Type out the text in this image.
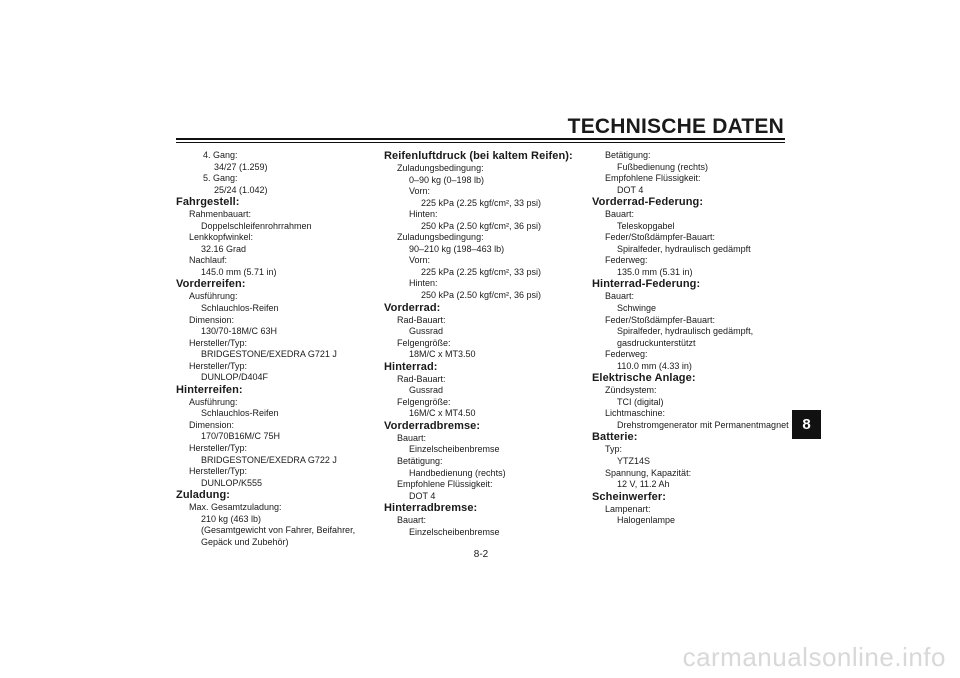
TECHNISCHE DATEN
4. Gang:
34/27 (1.259)
5. Gang:
25/24 (1.042)
Fahrgestell:
Rahmenbauart:
Doppelschleifenrohrrahmen
Lenkkopfwinkel:
32.16 Grad
Nachlauf:
145.0 mm (5.71 in)
Vorderreifen:
Ausführung:
Schlauchlos-Reifen
Dimension:
130/70-18M/C 63H
Hersteller/Typ:
BRIDGESTONE/EXEDRA G721 J
Hersteller/Typ:
DUNLOP/D404F
Hinterreifen:
Ausführung:
Schlauchlos-Reifen
Dimension:
170/70B16M/C 75H
Hersteller/Typ:
BRIDGESTONE/EXEDRA G722 J
Hersteller/Typ:
DUNLOP/K555
Zuladung:
Max. Gesamtzuladung:
210 kg (463 lb)
(Gesamtgewicht von Fahrer, Beifahrer,
Gepäck und Zubehör)
Reifenluftdruck (bei kaltem Reifen):
Zuladungsbedingung:
0–90 kg (0–198 lb)
Vorn:
225 kPa (2.25 kgf/cm², 33 psi)
Hinten:
250 kPa (2.50 kgf/cm², 36 psi)
Zuladungsbedingung:
90–210 kg (198–463 lb)
Vorn:
225 kPa (2.25 kgf/cm², 33 psi)
Hinten:
250 kPa (2.50 kgf/cm², 36 psi)
Vorderrad:
Rad-Bauart:
Gussrad
Felgengröße:
18M/C x MT3.50
Hinterrad:
Rad-Bauart:
Gussrad
Felgengröße:
16M/C x MT4.50
Vorderradbremse:
Bauart:
Einzelscheibenbremse
Betätigung:
Handbedienung (rechts)
Empfohlene Flüssigkeit:
DOT 4
Hinterradbremse:
Bauart:
Einzelscheibenbremse
Betätigung:
Fußbedienung (rechts)
Empfohlene Flüssigkeit:
DOT 4
Vorderrad-Federung:
Bauart:
Teleskopgabel
Feder/Stoßdämpfer-Bauart:
Spiralfeder, hydraulisch gedämpft
Federweg:
135.0 mm (5.31 in)
Hinterrad-Federung:
Bauart:
Schwinge
Feder/Stoßdämpfer-Bauart:
Spiralfeder, hydraulisch gedämpft,
gasdruckunterstützt
Federweg:
110.0 mm (4.33 in)
Elektrische Anlage:
Zündsystem:
TCI (digital)
Lichtmaschine:
Drehstromgenerator mit Permanentmagnet
Batterie:
Typ:
YTZ14S
Spannung, Kapazität:
12 V, 11.2 Ah
Scheinwerfer:
Lampenart:
Halogenlampe
8
8-2
carmanualsonline.info
